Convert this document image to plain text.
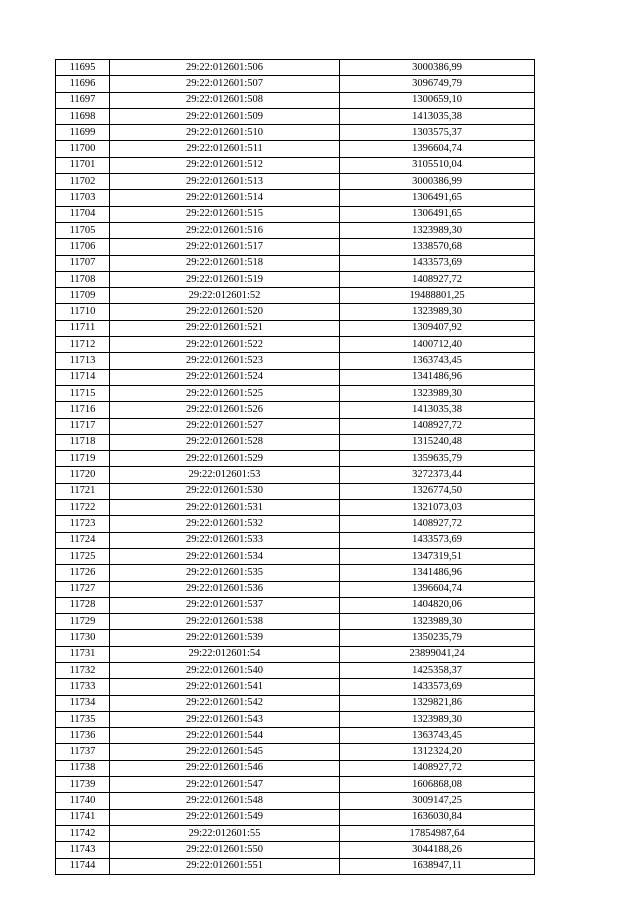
11695	29:22:012601:506	3000386,99
11696	29:22:012601:507	3096749,79
11697	29:22:012601:508	1300659,10
11698	29:22:012601:509	1413035,38
11699	29:22:012601:510	1303575,37
11700	29:22:012601:511	1396604,74
11701	29:22:012601:512	3105510,04
11702	29:22:012601:513	3000386,99
11703	29:22:012601:514	1306491,65
11704	29:22:012601:515	1306491,65
11705	29:22:012601:516	1323989,30
11706	29:22:012601:517	1338570,68
11707	29:22:012601:518	1433573,69
11708	29:22:012601:519	1408927,72
11709	29:22:012601:52	19488801,25
11710	29:22:012601:520	1323989,30
11711	29:22:012601:521	1309407,92
11712	29:22:012601:522	1400712,40
11713	29:22:012601:523	1363743,45
11714	29:22:012601:524	1341486,96
11715	29:22:012601:525	1323989,30
11716	29:22:012601:526	1413035,38
11717	29:22:012601:527	1408927,72
11718	29:22:012601:528	1315240,48
11719	29:22:012601:529	1359635,79
11720	29:22:012601:53	3272373,44
11721	29:22:012601:530	1326774,50
11722	29:22:012601:531	1321073,03
11723	29:22:012601:532	1408927,72
11724	29:22:012601:533	1433573,69
11725	29:22:012601:534	1347319,51
11726	29:22:012601:535	1341486,96
11727	29:22:012601:536	1396604,74
11728	29:22:012601:537	1404820,06
11729	29:22:012601:538	1323989,30
11730	29:22:012601:539	1350235,79
11731	29:22:012601:54	23899041,24
11732	29:22:012601:540	1425358,37
11733	29:22:012601:541	1433573,69
11734	29:22:012601:542	1329821,86
11735	29:22:012601:543	1323989,30
11736	29:22:012601:544	1363743,45
11737	29:22:012601:545	1312324,20
11738	29:22:012601:546	1408927,72
11739	29:22:012601:547	1606868,08
11740	29:22:012601:548	3009147,25
11741	29:22:012601:549	1636030,84
11742	29:22:012601:55	17854987,64
11743	29:22:012601:550	3044188,26
11744	29:22:012601:551	1638947,11
